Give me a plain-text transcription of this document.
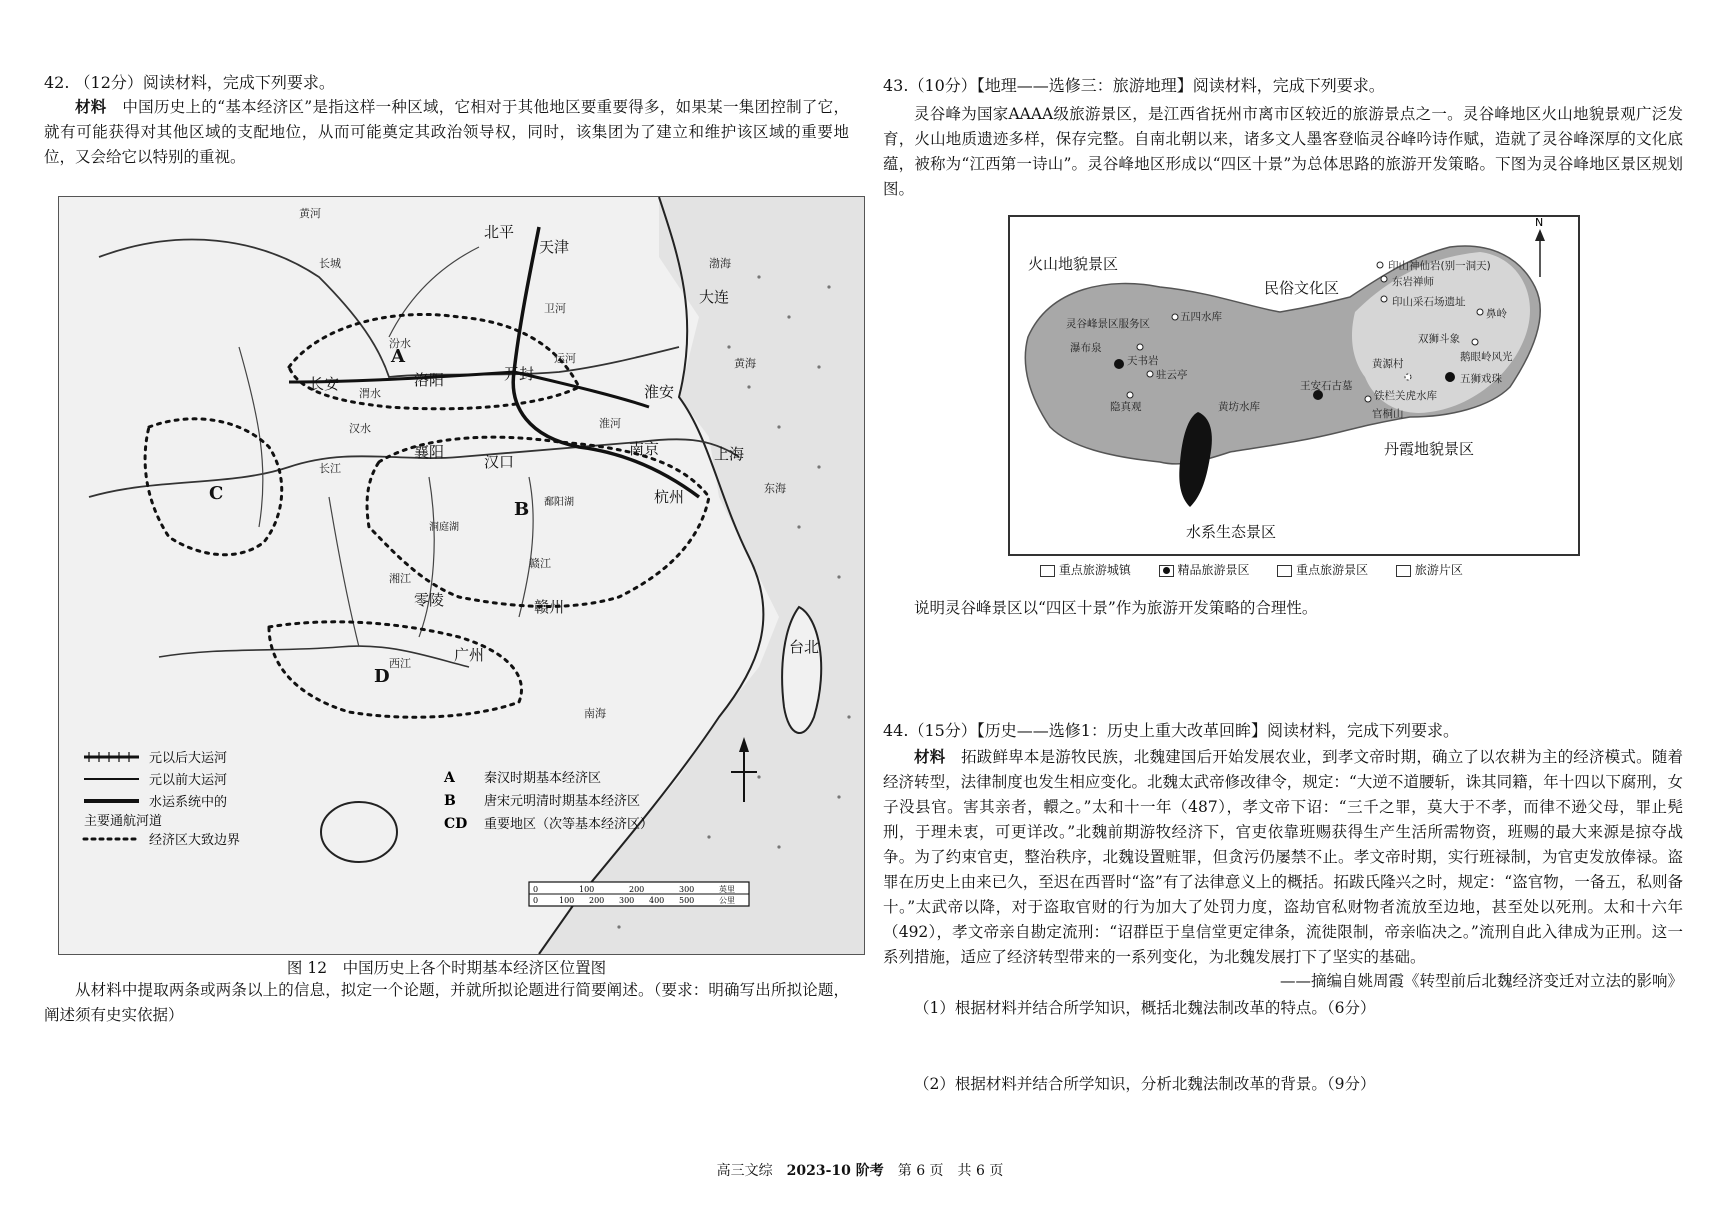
42. （12分）阅读材料，完成下列要求。
材料　 中国历史上的“基本经济区”是指这样一种区域，它相对于其他地区要重要得多，如果某一集团控制了它，就有可能获得对其他区域的支配地位，从而可能奠定其政治领导权，同时，该集团为了建立和维护该区域的重要地位，又会给它以特别的重视。
A
B
C
D
北平
天津
大连
长安	洛阳	开封
淮安
襄阳
汉口
南京	上海
杭州
鄱阳湖
洞庭湖
零陵	赣州
广州	台北
黄河
长城
汾水
渭水
汉水
长江
淮河
湘江
赣江
西江
卫河
运河
东海
南海
黄海
渤海
元以后大运河
元以前大运河
水运系统中的
主要通航河道
经济区大致边界
A 秦汉时期基本经济区
B 唐宋元明清时期基本经济区
CD 重要地区（次等基本经济区）
0	100	200	300	英里
0	100 200 300 400 500	公里
图 12　中国历史上各个时期基本经济区位置图
从材料中提取两条或两条以上的信息，拟定一个论题，并就所拟论题进行简要阐述。（要求：明确写出所拟论题，阐述须有史实依据）
43.（10分）【地理——选修三：旅游地理】阅读材料，完成下列要求。
灵谷峰为国家AAAA级旅游景区，是江西省抚州市离市区较近的旅游景点之一。灵谷峰地区火山地貌景观广泛发育，火山地质遗迹多样，保存完整。自南北朝以来，诸多文人墨客登临灵谷峰吟诗作赋，造就了灵谷峰深厚的文化底蕴，被称为“江西第一诗山”。灵谷峰地区形成以“四区十景”为总体思路的旅游开发策略。下图为灵谷峰地区景区规划图。
N
火山地貌景区
民俗文化区
丹霞地貌景区
水系生态景区
印山神仙岩(别一洞天)
东岩禅师
印山采石场遗址
鼻岭
双狮斗象
鹅眼岭风光
五狮戏珠
黄源村
铁栏关虎水库
官桐山
王安石古墓
灵谷峰景区服务区
五四水库
瀑布泉
天书岩
驻云亭
隐真观	黄坊水库
重点旅游城镇　　	精品旅游景区　　	重点旅游景区　　	旅游片区
说明灵谷峰景区以“四区十景”作为旅游开发策略的合理性。
44.（15分）【历史——选修1：历史上重大改革回眸】阅读材料，完成下列要求。
材料　 拓跋鲜卑本是游牧民族，北魏建国后开始发展农业，到孝文帝时期，确立了以农耕为主的经济模式。随着经济转型，法律制度也发生相应变化。北魏太武帝修改律令，规定：“大逆不道腰斩，诛其同籍，年十四以下腐刑，女子没县官。害其亲者，轘之。”太和十一年（487），孝文帝下诏：“三千之罪，莫大于不孝，而律不逊父母，罪止髡刑，于理未衷，可更详改。”北魏前期游牧经济下，官吏依靠班赐获得生产生活所需物资，班赐的最大来源是掠夺战争。为了约束官吏，整治秩序，北魏设置赃罪，但贪污仍屡禁不止。孝文帝时期，实行班禄制，为官吏发放俸禄。盗罪在历史上由来已久，至迟在西晋时“盗”有了法律意义上的概括。拓跋氏隆兴之时，规定：“盗官物，一备五，私则备十。”太武帝以降，对于盗取官财的行为加大了处罚力度，盗劫官私财物者流放至边地，甚至处以死刑。太和十六年（492），孝文帝亲自勘定流刑：“诏群臣于皇信堂更定律条，流徙限制，帝亲临决之。”流刑自此入律成为正刑。这一系列措施，适应了经济转型带来的一系列变化，为北魏发展打下了坚实的基础。
——摘编自姚周霞《转型前后北魏经济变迁对立法的影响》
（1）根据材料并结合所学知识，概括北魏法制改革的特点。（6分）
（2）根据材料并结合所学知识，分析北魏法制改革的背景。（9分）
高三文综　 2023-10 阶考　 第 6 页　共 6 页
